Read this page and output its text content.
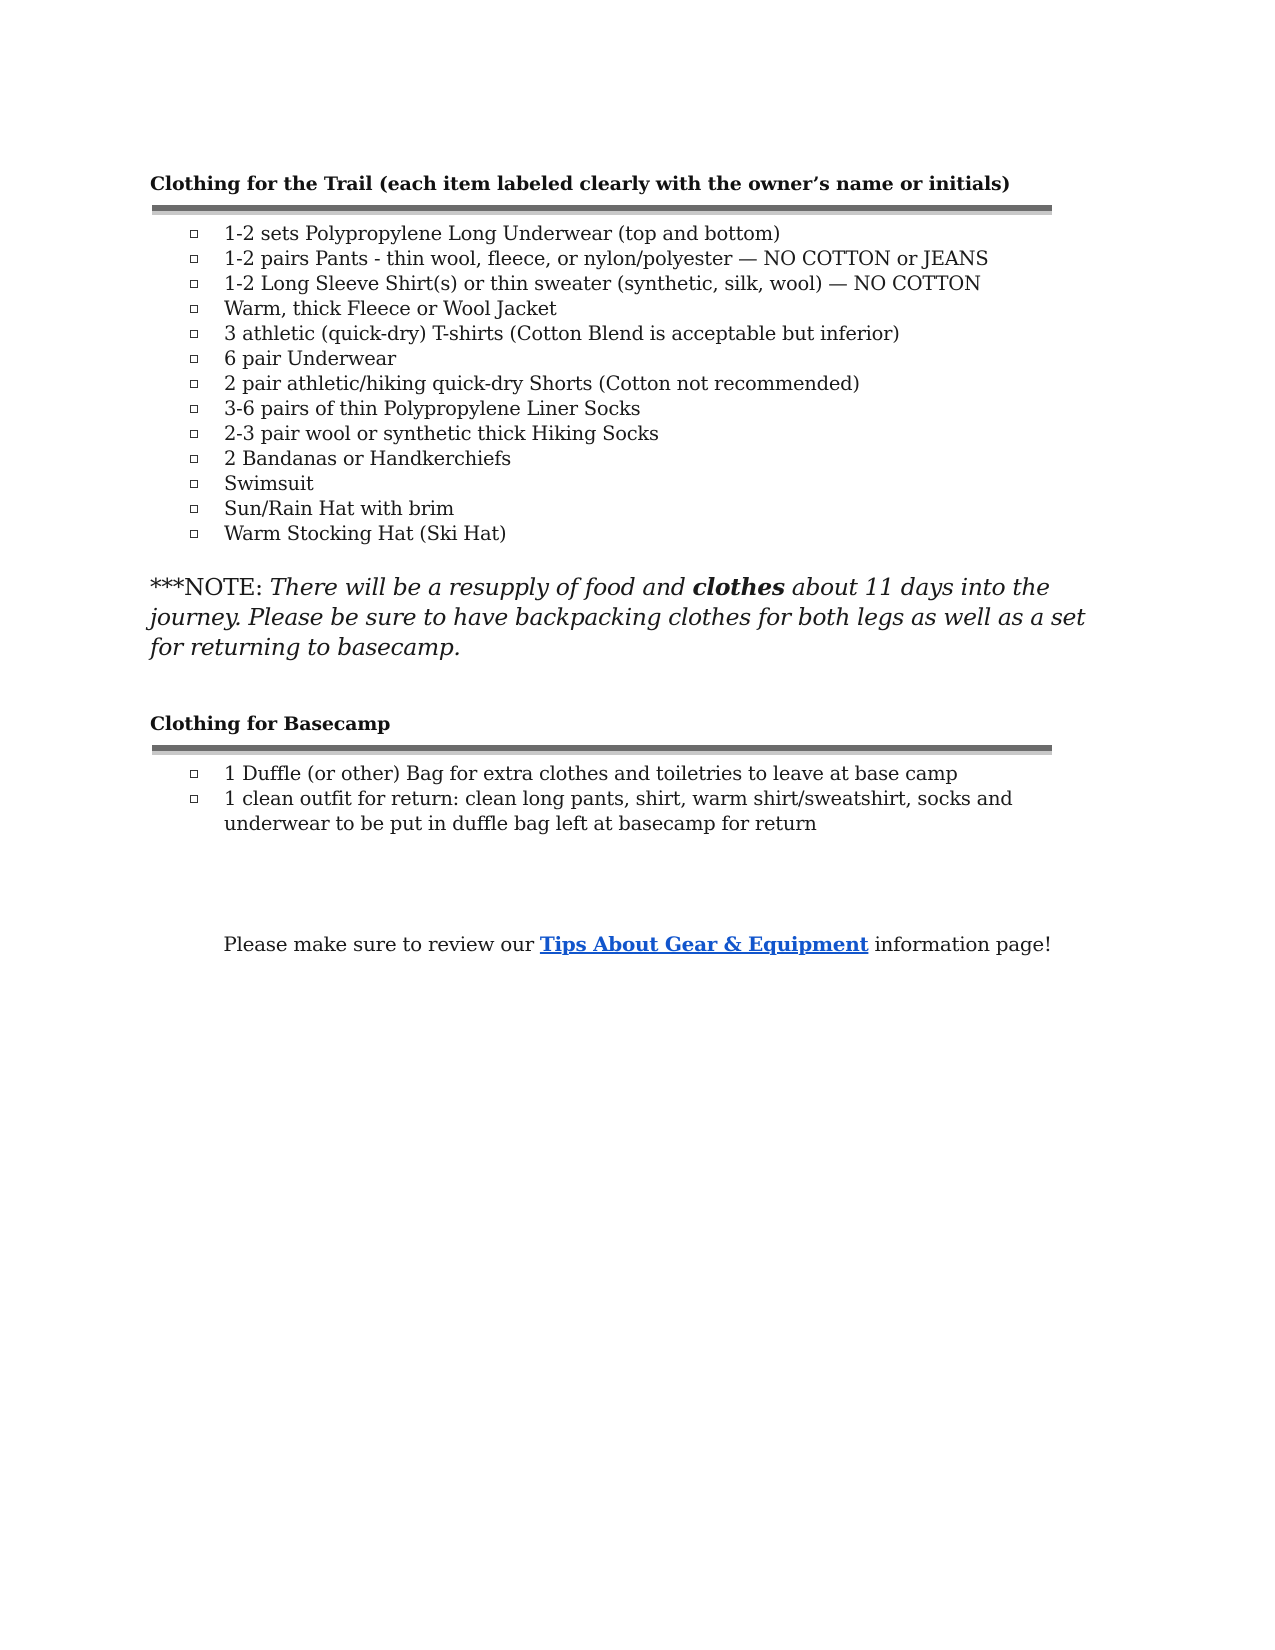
Clothing for the Trail (each item labeled clearly with the owner’s name or initials)
1-2 sets Polypropylene Long Underwear (top and bottom)
1-2 pairs Pants - thin wool, fleece, or nylon/polyester — NO COTTON or JEANS
1-2 Long Sleeve Shirt(s) or thin sweater (synthetic, silk, wool) — NO COTTON
Warm, thick Fleece or Wool Jacket
3 athletic (quick-dry) T-shirts (Cotton Blend is acceptable but inferior)
6 pair Underwear
2 pair athletic/hiking quick-dry Shorts (Cotton not recommended)
3-6 pairs of thin Polypropylene Liner Socks
2-3 pair wool or synthetic thick Hiking Socks
2 Bandanas or Handkerchiefs
Swimsuit
Sun/Rain Hat with brim
Warm Stocking Hat (Ski Hat)
***NOTE: There will be a resupply of food and clothes about 11 days into the journey. Please be sure to have backpacking clothes for both legs as well as a set for returning to basecamp.
Clothing for Basecamp
1 Duffle (or other) Bag for extra clothes and toiletries to leave at base camp
1 clean outfit for return: clean long pants, shirt, warm shirt/sweatshirt, socks and underwear to be put in duffle bag left at basecamp for return
Please make sure to review our Tips About Gear & Equipment information page!
